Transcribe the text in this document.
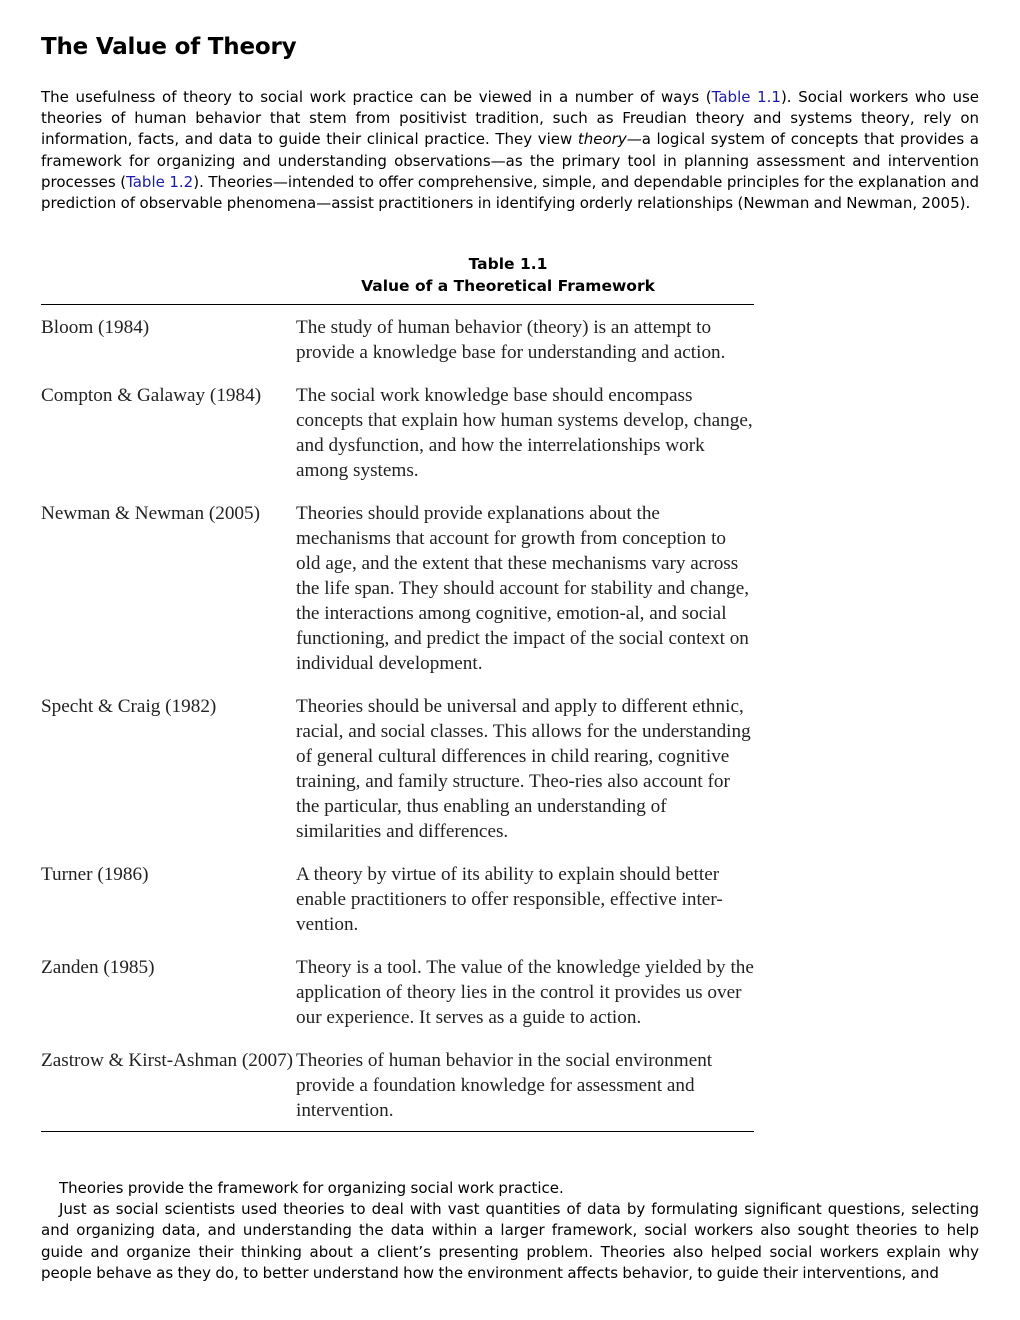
The Value of Theory

The usefulness of theory to social work practice can be viewed in a number of ways (Table 1.1). Social workers who use theories of human behavior that stem from positivist tradition, such as Freudian theory and systems theory, rely on information, facts, and data to guide their clinical practice. They view theory—a logical system of concepts that provides a framework for organizing and understanding observations—as the primary tool in planning assessment and intervention processes (Table 1.2). Theories—intended to offer comprehensive, simple, and dependable principles for the explanation and prediction of observable phenomena—assist practitioners in identifying orderly relationships (Newman and Newman, 2005).

Table 1.1
Value of a Theoretical Framework
Bloom (1984)	The study of human behavior (theory) is an attempt to provide a knowledge base for understanding and action.
Compton & Galaway (1984)	The social work knowledge base should encompass concepts that explain how human systems develop, change, and dysfunction, and how the interrelationships work among systems.
Newman & Newman (2005)	Theories should provide explanations about the mechanisms that account for growth from conception to old age, and the extent that these mechanisms vary across the life span. They should account for stability and change, the interactions among cognitive, emotion-al, and social functioning, and predict the impact of the social context on individual development.
Specht & Craig (1982)	Theories should be universal and apply to different ethnic, racial, and social classes. This allows for the understanding of general cultural differences in child rearing, cognitive training, and family structure. Theo-ries also account for the particular, thus enabling an understanding of similarities and differences.
Turner (1986)	A theory by virtue of its ability to explain should better enable practitioners to offer responsible, effective inter-vention.
Zanden (1985)	Theory is a tool. The value of the knowledge yielded by the application of theory lies in the control it provides us over our experience. It serves as a guide to action.
Zastrow & Kirst-Ashman (2007)	Theories of human behavior in the social environment provide a foundation knowledge for assessment and intervention.

Theories provide the framework for organizing social work practice.

Just as social scientists used theories to deal with vast quantities of data by formulating significant questions, selecting and organizing data, and understanding the data within a larger framework, social workers also sought theories to help guide and organize their thinking about a client’s presenting problem. Theories also helped social workers explain why people behave as they do, to better understand how the environment affects behavior, to guide their interventions, and
